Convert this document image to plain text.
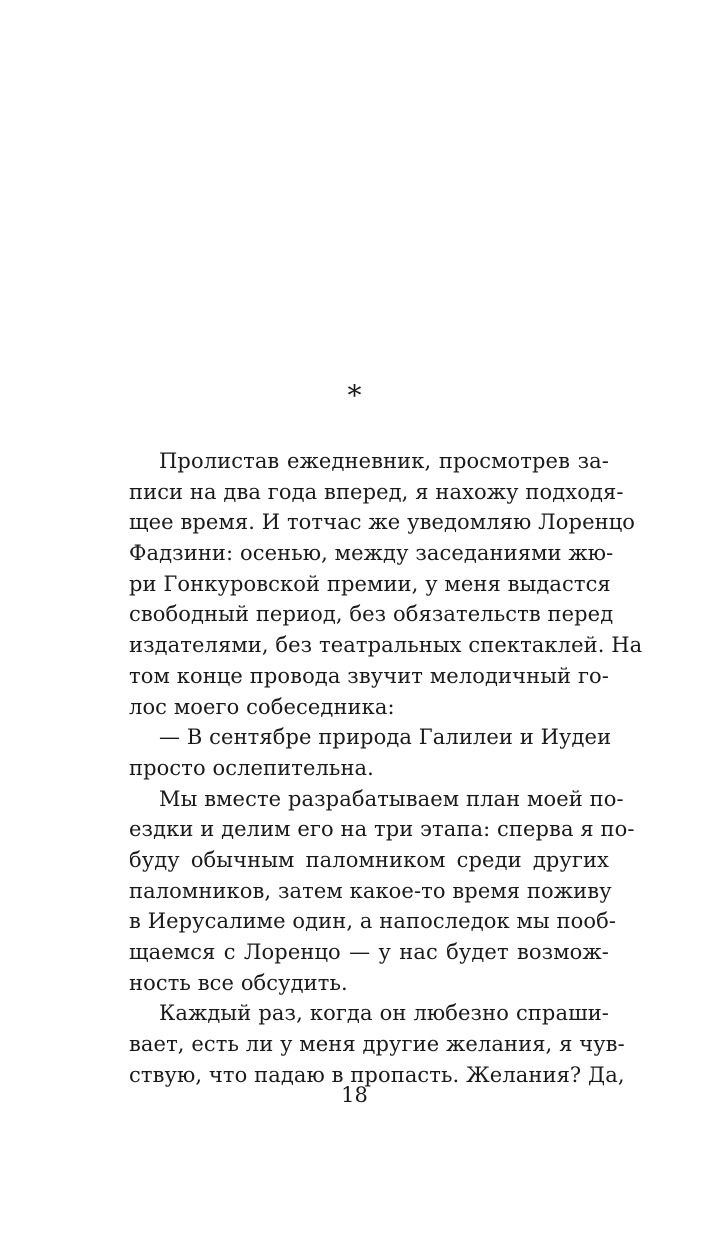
*
Пролистав ежедневник, просмотрев за-
писи на два года вперед, я нахожу подходя-
щее время. И тотчас же уведомляю Лоренцо
Фадзини: осенью, между заседаниями жю-
ри Гонкуровской премии, у меня выдастся
свободный период, без обязательств перед
издателями, без театральных спектаклей. На
том конце провода звучит мелодичный го-
лос моего собеседника:
— В сентябре природа Галилеи и Иудеи
просто ослепительна.
Мы вместе разрабатываем план моей по-
ездки и делим его на три этапа: сперва я по-
буду обычным паломником среди других
паломников, затем какое-то время поживу
в Иерусалиме один, а напоследок мы пооб-
щаемся с Лоренцо — у нас будет возмож-
ность все обсудить.
Каждый раз, когда он любезно спраши-
вает, есть ли у меня другие желания, я чув-
ствую, что падаю в пропасть. Желания? Да,
18
